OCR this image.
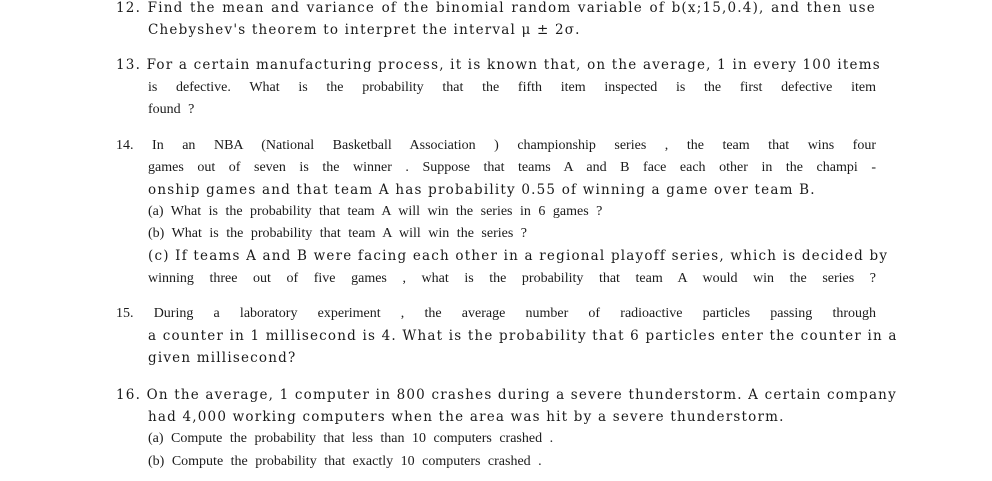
12. Find the mean and variance of the binomial random variable of b(x;15,0.4), and then use
Chebyshev's theorem to interpret the interval μ ± 2σ.
13. For a certain manufacturing process, it is known that, on the average, 1 in every 100 items
is defective. What is the probability that the fifth item inspected is the first defective item
found ?
14. In an NBA (National Basketball Association ) championship series , the team that wins four
games out of seven is the winner . Suppose that teams A and B face each other in the champi -
onship games and that team A has probability 0.55 of winning a game over team B.
(a) What is the probability that team A will win the series in 6 games ?
(b) What is the probability that team A will win the series ?
(c) If teams A and B were facing each other in a regional playoff series, which is decided by
winning three out of five games , what is the probability that team A would win the series ?
15. During a laboratory experiment , the average number of radioactive particles passing through
a counter in 1 millisecond is 4. What is the probability that 6 particles enter the counter in a
given millisecond?
16. On the average, 1 computer in 800 crashes during a severe thunderstorm. A certain company
had 4,000 working computers when the area was hit by a severe thunderstorm.
(a) Compute the probability that less than 10 computers crashed .
(b) Compute the probability that exactly 10 computers crashed .
